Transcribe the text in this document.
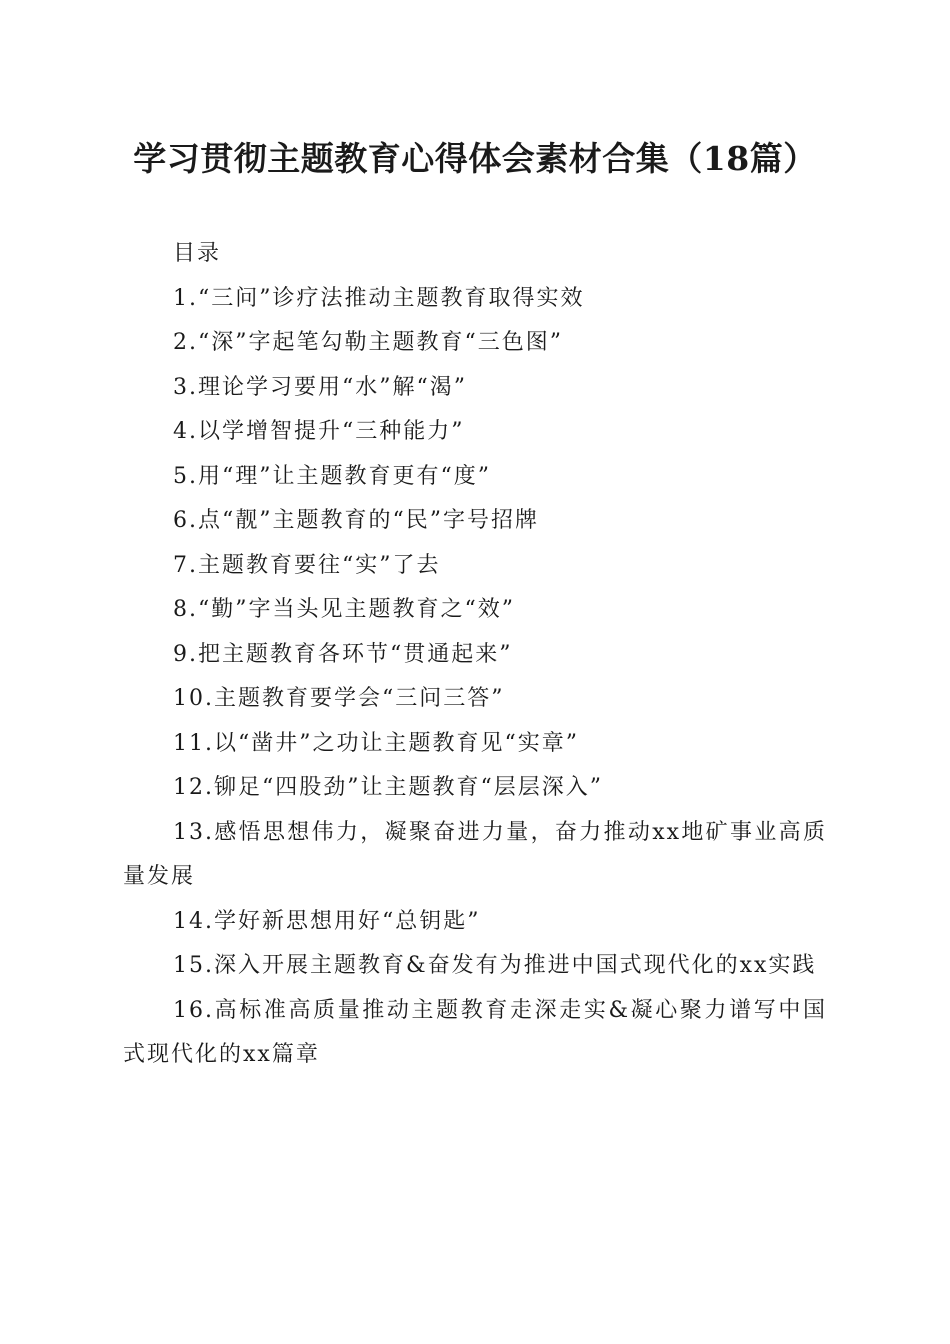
学习贯彻主题教育心得体会素材合集（18篇）
目录
1.“三问”诊疗法推动主题教育取得实效
2.“深”字起笔勾勒主题教育“三色图”
3.理论学习要用“水”解“渴”
4.以学增智提升“三种能力”
5.用“理”让主题教育更有“度”
6.点“靓”主题教育的“民”字号招牌
7.主题教育要往“实”了去
8.“勤”字当头见主题教育之“效”
9.把主题教育各环节“贯通起来”
10.主题教育要学会“三问三答”
11.以“凿井”之功让主题教育见“实章”
12.铆足“四股劲”让主题教育“层层深入”
13.感悟思想伟力，凝聚奋进力量，奋力推动xx地矿事业高质量发展
14.学好新思想用好“总钥匙”
15.深入开展主题教育&奋发有为推进中国式现代化的xx实践
16.高标准高质量推动主题教育走深走实&凝心聚力谱写中国式现代化的xx篇章
